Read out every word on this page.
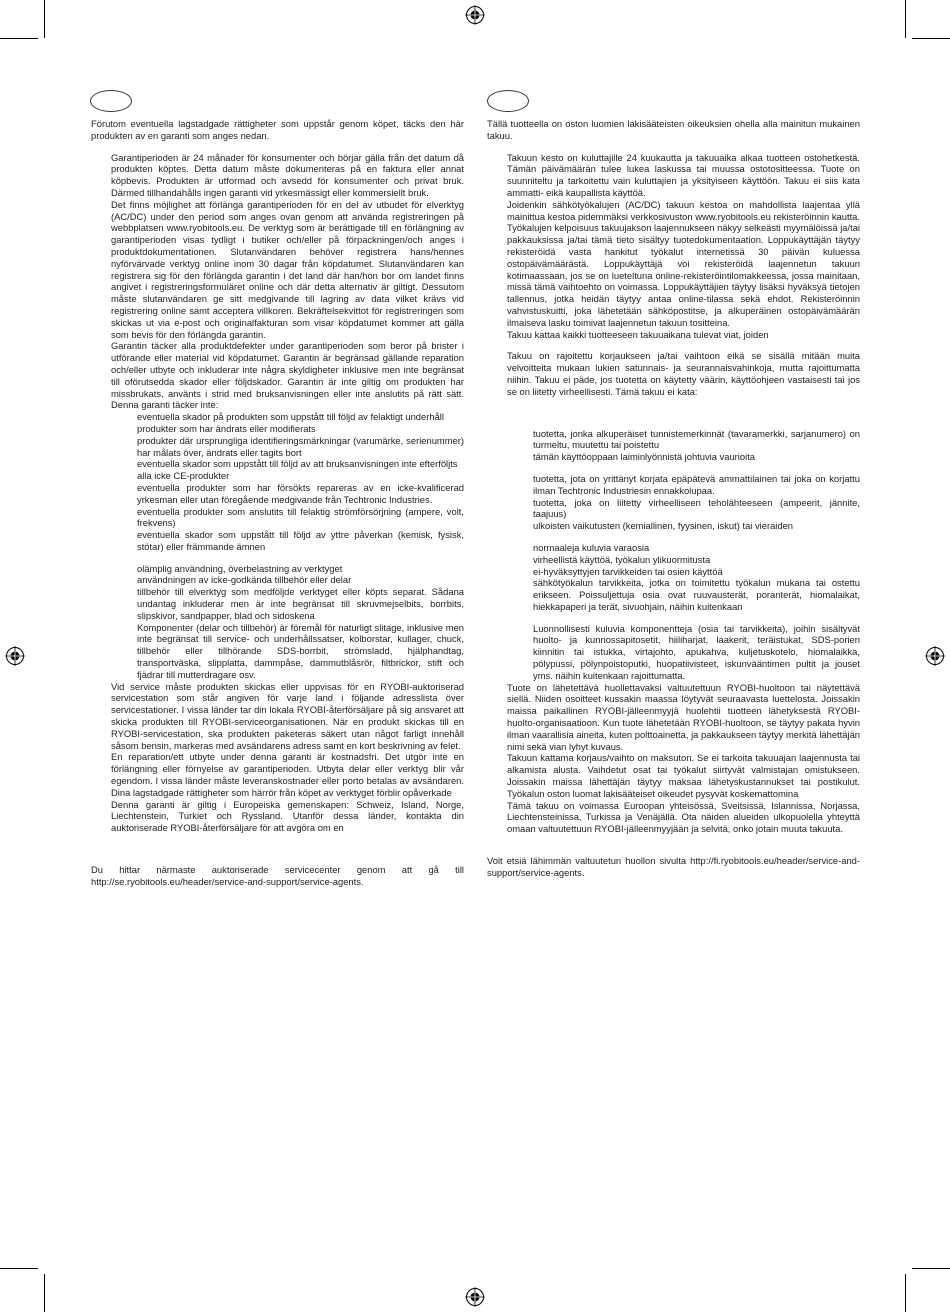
Förutom eventuella lagstadgade rättigheter som uppstår genom köpet, täcks den här produkten av en garanti som anges nedan.

Garantiperioden är 24 månader för konsumenter och börjar gälla från det datum då produkten köptes. Detta datum måste dokumenteras på en faktura eller annat köpbevis. Produkten är utformad och avsedd för konsumenter och privat bruk. Därmed tillhandahålls ingen garanti vid yrkesmässigt eller kommersiellt bruk.

Det finns möjlighet att förlänga garantiperioden för en del av utbudet för elverktyg (AC/DC) under den period som anges ovan genom att använda registreringen på webbplatsen www.ryobitools.eu. De verktyg som är berättigade till en förlängning av garantiperioden visas tydligt i butiker och/eller på förpackningen/och anges i produktdokumentationen. Slutanvändaren behöver registrera hans/hennes nyförvärvade verktyg online inom 30 dagar från köpdatumet. Slutanvändaren kan registrera sig för den förlängda garantin i det land där han/hon bor om landet finns angivet i registreringsformuläret online och där detta alternativ är giltigt. Dessutom måste slutanvändaren ge sitt medgivande till lagring av data vilket krävs vid registrering online samt acceptera villkoren. Bekräftelsekvittot för registreringen som skickas ut via e-post och originalfakturan som visar köpdatumet kommer att gälla som bevis för den förlängda garantin.

Garantin täcker alla produktdefekter under garantiperioden som beror på brister i utförande eller material vid köpdatumet. Garantin är begränsad gällande reparation och/eller utbyte och inkluderar inte några skyldigheter inklusive men inte begränsat till oförutsedda skador eller följdskador. Garantin är inte giltig om produkten har missbrukats, använts i strid med bruksanvisningen eller inte anslutits på rätt sätt. Denna garanti täcker inte:

eventuella skador på produkten som uppstått till följd av felaktigt underhåll

produkter som har ändrats eller modifierats

produkter där ursprungliga identifieringsmärkningar (varumärke, serienummer) har målats över, ändrats eller tagits bort

eventuella skador som uppstått till följd av att bruksanvisningen inte efterföljts

alla icke CE-produkter

eventuella produkter som har försökts repareras av en icke-kvalificerad yrkesman eller utan föregående medgivande från Techtronic Industries.

eventuella produkter som anslutits till felaktig strömförsörjning (ampere, volt, frekvens)

eventuella skador som uppstått till följd av yttre påverkan (kemisk, fysisk, stötar) eller främmande ämnen

olämplig användning, överbelastning av verktyget

användningen av icke-godkända tillbehör eller delar

tillbehör till elverktyg som medföljde verktyget eller köpts separat. Sådana undantag inkluderar men är inte begränsat till skruvmejselbits, borrbits, slipskivor, sandpapper, blad och sidoskena

Komponenter (delar och tillbehör) är föremål för naturligt slitage, inklusive men inte begränsat till service- och underhållssatser, kolborstar, kullager, chuck, tillbehör eller tillhörande SDS-borrbit, strömsladd, hjälphandtag, transportväska, slipplatta, dammpåse, dammutblåsrör, filtbrickor, stift och fjädrar till mutterdragare osv.

Vid service måste produkten skickas eller uppvisas för en RYOBI-auktoriserad servicestation som står angiven för varje land i följande adresslista över servicestationer. I vissa länder tar din lokala RYOBI-återförsäljare på sig ansvaret att skicka produkten till RYOBI-serviceorganisationen. När en produkt skickas till en RYOBI-servicestation, ska produkten paketeras säkert utan något farligt innehåll såsom bensin, markeras med avsändarens adress samt en kort beskrivning av felet.

En reparation/ett utbyte under denna garanti är kostnadsfri. Det utgör inte en förlängning eller förnyelse av garantiperioden. Utbyta delar eller verktyg blir vår egendom. I vissa länder måste leveranskostnader eller porto betalas av avsändaren. Dina lagstadgade rättigheter som härrör från köpet av verktyget förblir opåverkade

Denna garanti är giltig i Europeiska gemenskapen: Schweiz, Island, Norge, Liechtenstein, Turkiet och Ryssland. Utanför dessa länder, kontakta din auktoriserade RYOBI-återförsäljare för att avgöra om en

Du hittar närmaste auktoriserade servicecenter genom att gå till http://se.ryobitools.eu/header/service-and-support/service-agents.

Tällä tuotteella on oston luomien lakisääteisten oikeuksien ohella alla mainitun mukainen takuu.

Takuun kesto on kuluttajille 24 kuukautta ja takuuaika alkaa tuotteen ostohetkestä. Tämän päivämäärän tulee lukea laskussa tai muussa ostotositteessa. Tuote on suunniteltu ja tarkoitettu vain kuluttajien ja yksityiseen käyttöön. Takuu ei siis kata ammatti- eikä kaupallista käyttöä.

Joidenkin sähkötyökalujen (AC/DC) takuun kestoa on mahdollista laajentaa yllä mainittua kestoa pidemmäksi verkkosivuston www.ryobitools.eu rekisteröinnin kautta. Työkalujen kelpoisuus takuujakson laajennukseen näkyy selkeästi myymälöissä ja/tai pakkauksissa ja/tai tämä tieto sisältyy tuotedokumentaation. Loppukäyttäjän täytyy rekisteröidä vasta hankitut työkalut internetissä 30 päivän kuluessa ostopäivämäärästä. Loppukäyttäjä voi rekisteröidä laajennetun takuun kotimaassaan, jos se on lueteltuna online-rekisteröintilomakkeessa, jossa mainitaan, missä tämä vaihtoehto on voimassa. Loppukäyttäjien täytyy lisäksi hyväksyä tietojen tallennus, jotka heidän täytyy antaa online-tilassa sekä ehdot. Rekisteröinnin vahvistuskuitti, joka lähetetään sähköpostitse, ja alkuperäinen ostopäivämäärän ilmaiseva lasku toimivat laajennetun takuun tositteina.

Takuu kattaa kaikki tuotteeseen takuuaikana tulevat viat, joiden

Takuu on rajoitettu korjaukseen ja/tai vaihtoon eikä se sisällä mitään muita velvoitteita mukaan lukien satunnais- ja seurannaisvahinkoja, mutta rajoittumatta niihin. Takuu ei päde, jos tuotetta on käytetty väärin, käyttöohjeen vastaisesti tai jos se on liitetty virheellisesti. Tämä takuu ei kata:

tuotetta, jonka alkuperäiset tunnistemerkinnät (tavaramerkki, sarjanumero) on turmeltu, muutettu tai poistettu

tämän käyttöoppaan laiminlyönnistä johtuvia vaurioita

tuotetta, jota on yrittänyt korjata epäpätevä ammattilainen tai joka on korjattu ilman Techtronic Industriesin ennakkolupaa.

tuotetta, joka on liitetty virheelliseen teholähteeseen (ampeerit, jännite, taajuus)

ulkoisten vaikutusten (kemiallinen, fyysinen, iskut) tai vieraiden

normaaleja kuluvia varaosia

virheellistä käyttöä, työkalun ylikuormitusta

ei-hyväksyttyjen tarvikkeiden tai osien käyttöä

sähkötyökalun tarvikkeita, jotka on toimitettu työkalun mukana tai ostettu erikseen. Poissuljettuja osia ovat ruuvausterät, poranterät, hiomalaikat, hiekkapaperi ja terät, sivuohjain, näihin kuitenkaan

Luonnollisesti kuluvia komponentteja (osia tai tarvikkeita), joihin sisältyvät huolto- ja kunnossapitosetit, hiiliharjat, laakerit, teräistukat, SDS-porien kiinnitin tai istukka, virtajohto, apukahva, kuljetuskotelo, hiomalaikka, pölypussi, pölynpoistoputki, huopatiivisteet, iskunvääntimen pultit ja jouset yms. näihin kuitenkaan rajoittumatta.

Tuote on lähetettävä huollettavaksi valtuutettuun RYOBI-huoltoon tai näytettävä siellä. Niiden osoitteet kussakin maassa löytyvät seuraavasta luettelosta. Joissakin maissa paikallinen RYOBI-jälleenmyyjä huolehtii tuotteen lähetyksestä RYOBI-huolto-organisaatioon. Kun tuote lähetetään RYOBI-huoltoon, se täytyy pakata hyvin ilman vaarallisia aineita, kuten polttoainetta, ja pakkaukseen täytyy merkitä lähettäjän nimi sekä vian lyhyt kuvaus.

Takuun kattama korjaus/vaihto on maksuton. Se ei tarkoita takuuajan laajennusta tai alkamista alusta. Vaihdetut osat tai työkalut siirtyvät valmistajan omistukseen. Joissakin maissa lähettäjän täytyy maksaa lähetyskustannukset tai postikulut. Työkalun oston luomat lakisääteiset oikeudet pysyvät koskemattomina

Tämä takuu on voimassa Euroopan yhteisössä, Sveitsissä, Islannissa, Norjassa, Liechtensteinissa, Turkissa ja Venäjällä. Ota näiden alueiden ulkopuolella yhteyttä omaan valtuutettuun RYOBI-jälleenmyyjään ja selvitä, onko jotain muuta takuuta.

Voit etsiä lähimmän valtuutetun huollon sivulta http://fi.ryobitools.eu/header/service-and-support/service-agents.
